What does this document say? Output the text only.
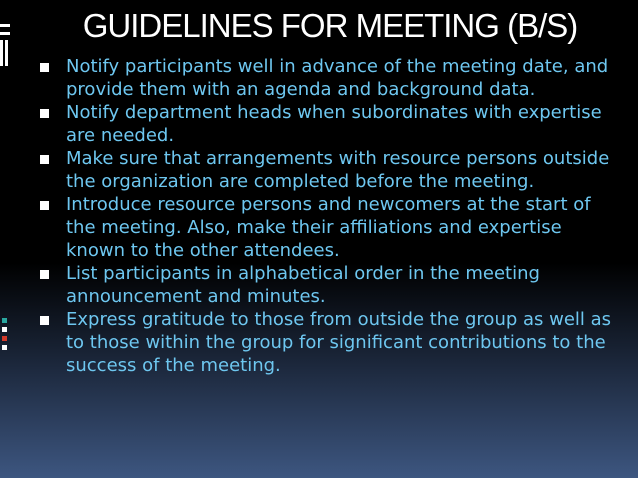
GUIDELINES FOR MEETING (B/S)
Notify participants well in advance of the meeting date, and provide them with an agenda and background data.
Notify department heads when subordinates with expertise are needed.
Make sure that arrangements with resource persons outside the organization are completed before the meeting.
Introduce resource persons and newcomers at the start of the meeting. Also, make their affiliations and expertise known to the other attendees.
List participants in alphabetical order in the meeting announcement and minutes.
Express gratitude to those from outside the group as well as to those within the group for significant contributions to the success of the meeting.
